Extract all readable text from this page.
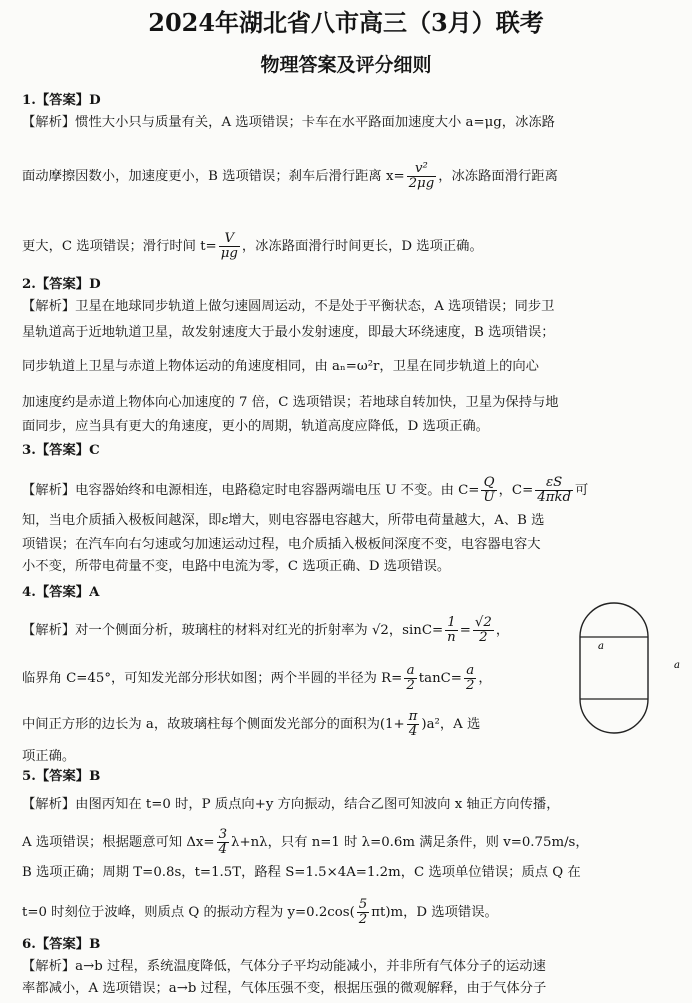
2024年湖北省八市高三（3月）联考
物理答案及评分细则
1.【答案】D
【解析】惯性大小只与质量有关，A 选项错误；卡车在水平路面加速度大小 a=μg，冰冻路
面动摩擦因数小，加速度更小，B 选项错误；刹车后滑行距离 $x= \frac{\text{v²}}{2\mu g}$ ，冰冻路面滑行距离
更大，C 选项错误；滑行时间 $t= \frac{V}{\mu g}$ ，冰冻路面滑行时间更长，D 选项正确。
2.【答案】D
【解析】卫星在地球同步轨道上做匀速圆周运动，不是处于平衡状态，A 选项错误；同步卫
星轨道高于近地轨道卫星，故发射速度大于最小发射速度，即最大环绕速度，B 选项错误；
同步轨道上卫星与赤道上物体运动的角速度相同，由 aₙ=ω²r，卫星在同步轨道上的向心
加速度约是赤道上物体向心加速度的 7 倍，C 选项错误；若地球自转加快，卫星为保持与地
面同步，应当具有更大的角速度，更小的周期，轨道高度应降低，D 选项正确。
3.【答案】C
【解析】电容器始终和电源相连，电路稳定时电容器两端电压 U 不变。由 $C= \frac{Q}{U}$ ，$C= \frac{\varepsilon S}{\text{4πkd}}$ 可
知，当电介质插入极板间越深，即ε增大，则电容器电容越大，所带电荷量越大，A、B 选
项错误；在汽车向右匀速或匀加速运动过程，电介质插入极板间深度不变，电容器电容大
小不变，所带电荷量不变，电路中电流为零，C 选项正确、D 选项错误。
4.【答案】A
【解析】对一个侧面分析，玻璃柱的材料对红光的折射率为 √2，$\sin C= \frac{1}{n} = \frac{√2}{2}$ ，
临界角 C=45°，可知发光部分形状如图；两个半圆的半径为 $R= \frac{a}{2} \tan C= \frac{a}{2}$ ，
中间正方形的边长为 a，故玻璃柱每个侧面发光部分的面积为$(1+ \frac{\pi}{4} )a^2$，A 选
项正确。
a
a
5.【答案】B
【解析】由图丙知在 t=0 时，P 质点向+y 方向振动，结合乙图可知波向 x 轴正方向传播，
A 选项错误；根据题意可知 $\Delta x= \frac{3}{4} \lambda+n\lambda$，只有 n=1 时 λ=0.6m 满足条件，则 v=0.75m/s，
B 选项正确；周期 T=0.8s，t=1.5T，路程 S=1.5×4A=1.2m，C 选项单位错误；质点 Q 在
t=0 时刻位于波峰，则质点 Q 的振动方程为 $y=0.2\cos( \frac{5}{2} \pi t)m$，D 选项错误。
6.【答案】B
【解析】a→b 过程，系统温度降低，气体分子平均动能减小，并非所有气体分子的运动速
率都减小，A 选项错误；a→b 过程，气体压强不变，根据压强的微观解释，由于气体分子
